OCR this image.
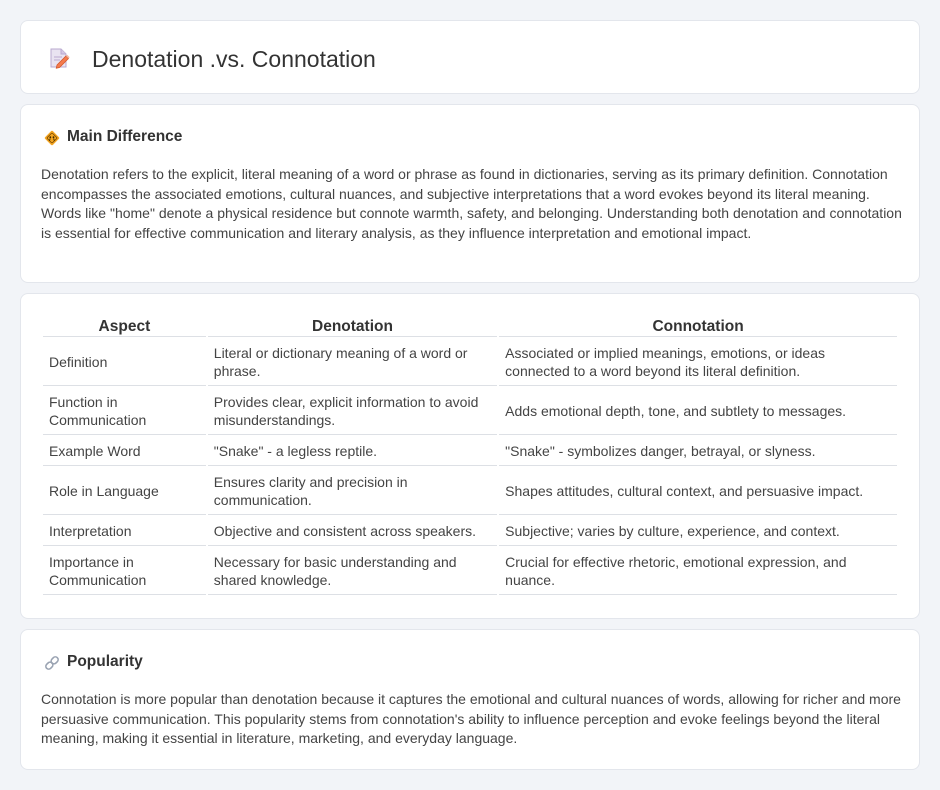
Denotation .vs. Connotation
Main Difference

Denotation refers to the explicit, literal meaning of a word or phrase as found in dictionaries, serving as its primary definition. Connotation encompasses the associated emotions, cultural nuances, and subjective interpretations that a word evokes beyond its literal meaning. Words like "home" denote a physical residence but connote warmth, safety, and belonging. Understanding both denotation and connotation is essential for effective communication and literary analysis, as they influence interpretation and emotional impact.

Aspect	Denotation	Connotation
Definition	Literal or dictionary meaning of a word or phrase.	Associated or implied meanings, emotions, or ideas connected to a word beyond its literal definition.
Function in Communication	Provides clear, explicit information to avoid misunderstandings.	Adds emotional depth, tone, and subtlety to messages.
Example Word	"Snake" - a legless reptile.	"Snake" - symbolizes danger, betrayal, or slyness.
Role in Language	Ensures clarity and precision in communication.	Shapes attitudes, cultural context, and persuasive impact.
Interpretation	Objective and consistent across speakers.	Subjective; varies by culture, experience, and context.
Importance in Communication	Necessary for basic understanding and shared knowledge.	Crucial for effective rhetoric, emotional expression, and nuance.
Popularity

Connotation is more popular than denotation because it captures the emotional and cultural nuances of words, allowing for richer and more persuasive communication. This popularity stems from connotation's ability to influence perception and evoke feelings beyond the literal meaning, making it essential in literature, marketing, and everyday language.
